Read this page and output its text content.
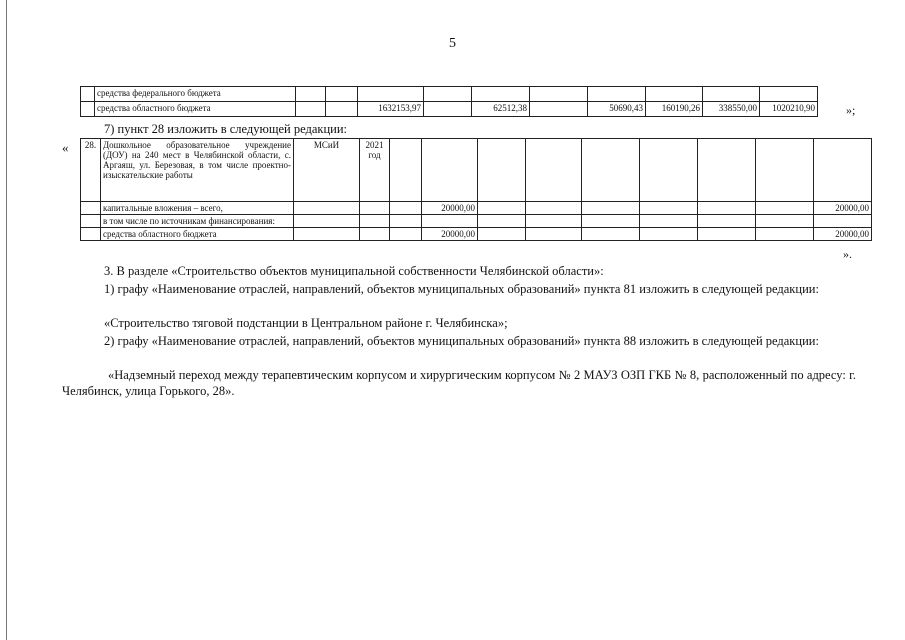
5
	средства федерального бюджета										
	средства областного бюджета			1632153,97		62512,38		50690,43	160190,26	338550,00	1020210,90	»;
7) пункт 28 изложить в следующей редакции:
« 28.	Дошкольное образовательное учреждение (ДОУ) на 240 мест в Челябинской области, с. Аргаяш, ул. Березовая, в том числе проектно-изыскательские работы	МСиИ	2021 год									
	капитальные вложения – всего,				20000,00							20000,00
	в том числе по источникам финансирования:											
	средства областного бюджета				20000,00							20000,00
».
3. В разделе «Строительство объектов муниципальной собственности Челябинской области»:
1) графу «Наименование отраслей, направлений, объектов муниципальных образований» пункта 81 изложить в следующей редакции:
«Строительство тяговой подстанции в Центральном районе г. Челябинска»;
2) графу «Наименование отраслей, направлений, объектов муниципальных образований» пункта 88 изложить в следующей редакции:
«Надземный переход между терапевтическим корпусом и хирургическим корпусом № 2 МАУЗ ОЗП ГКБ № 8, расположенный по адресу: г. Челябинск, улица Горького, 28».
